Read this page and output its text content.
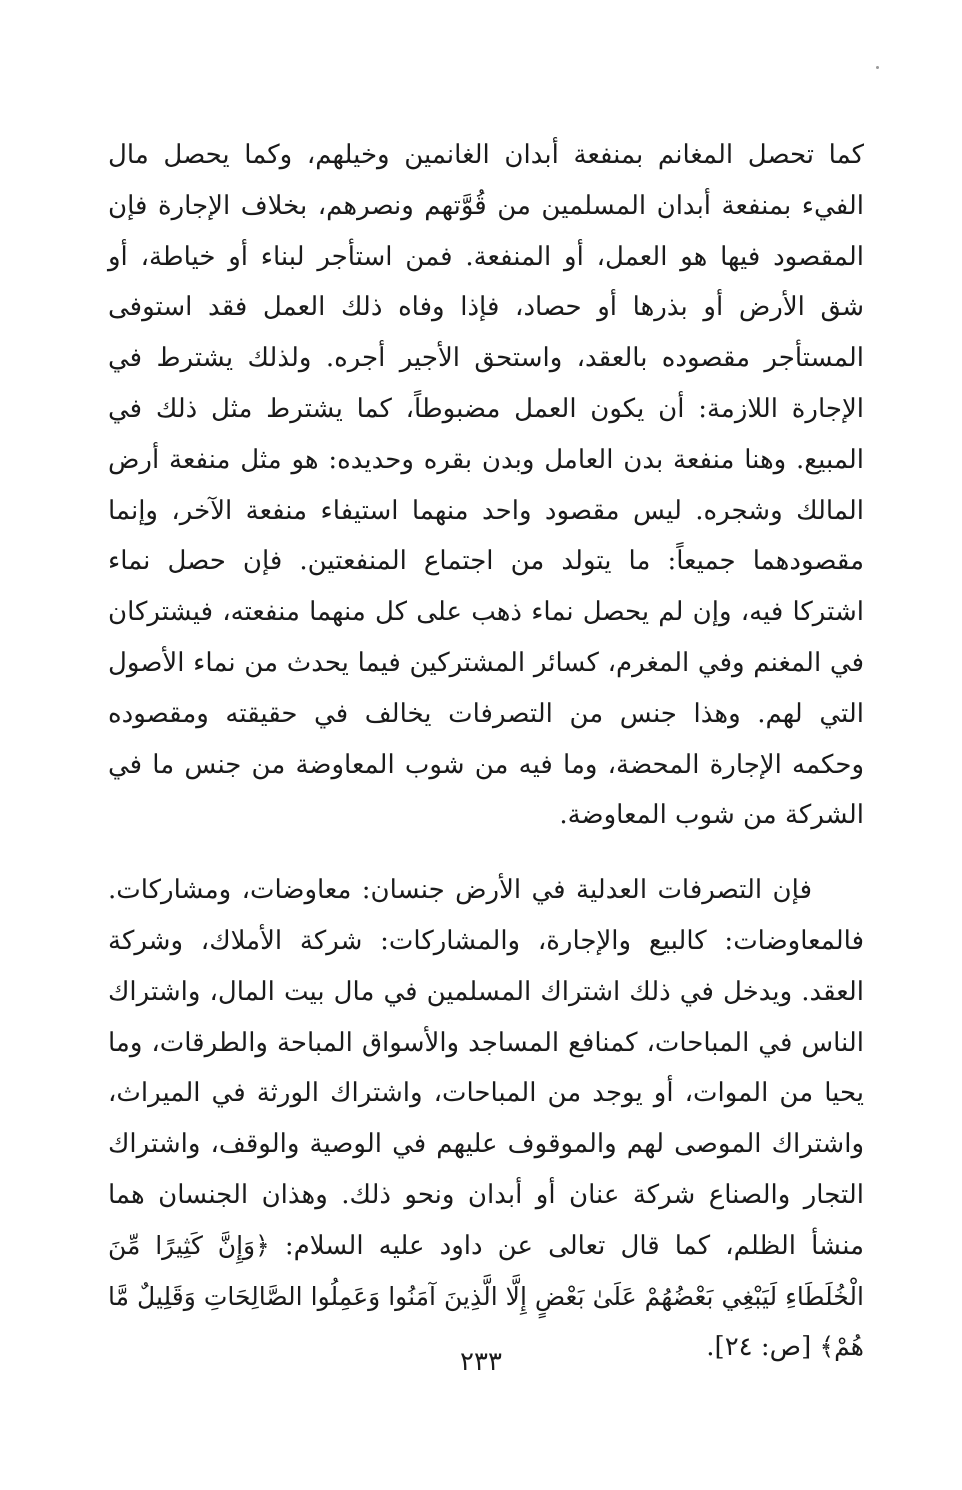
كما تحصل المغانم بمنفعة أبدان الغانمين وخيلهم، وكما يحصل مال الفيء بمنفعة أبدان المسلمين من قُوَّتهم ونصرهم، بخلاف الإجارة فإن المقصود فيها هو العمل، أو المنفعة. فمن استأجر لبناء أو خياطة، أو شق الأرض أو بذرها أو حصاد، فإذا وفاه ذلك العمل فقد استوفى المستأجر مقصوده بالعقد، واستحق الأجير أجره. ولذلك يشترط في الإجارة اللازمة: أن يكون العمل مضبوطاً، كما يشترط مثل ذلك في المبيع. وهنا منفعة بدن العامل وبدن بقره وحديده: هو مثل منفعة أرض المالك وشجره. ليس مقصود واحد منهما استيفاء منفعة الآخر، وإنما مقصودهما جميعاً: ما يتولد من اجتماع المنفعتين. فإن حصل نماء اشتركا فيه، وإن لم يحصل نماء ذهب على كل منهما منفعته، فيشتركان في المغنم وفي المغرم، كسائر المشتركين فيما يحدث من نماء الأصول التي لهم. وهذا جنس من التصرفات يخالف في حقيقته ومقصوده وحكمه الإجارة المحضة، وما فيه من شوب المعاوضة من جنس ما في الشركة من شوب المعاوضة.

فإن التصرفات العدلية في الأرض جنسان: معاوضات، ومشاركات. فالمعاوضات: كالبيع والإجارة، والمشاركات: شركة الأملاك، وشركة العقد. ويدخل في ذلك اشتراك المسلمين في مال بيت المال، واشتراك الناس في المباحات، كمنافع المساجد والأسواق المباحة والطرقات، وما يحيا من الموات، أو يوجد من المباحات، واشتراك الورثة في الميراث، واشتراك الموصى لهم والموقوف عليهم في الوصية والوقف، واشتراك التجار والصناع شركة عنان أو أبدان ونحو ذلك. وهذان الجنسان هما منشأ الظلم، كما قال تعالى عن داود عليه السلام: ﴿وَإِنَّ كَثِيرًا مِّنَ الْخُلَطَاءِ لَيَبْغِي بَعْضُهُمْ عَلَىٰ بَعْضٍ إِلَّا الَّذِينَ آمَنُوا وَعَمِلُوا الصَّالِحَاتِ وَقَلِيلٌ مَّا هُمْ﴾ [ص: ٢٤].

٢٣٣
